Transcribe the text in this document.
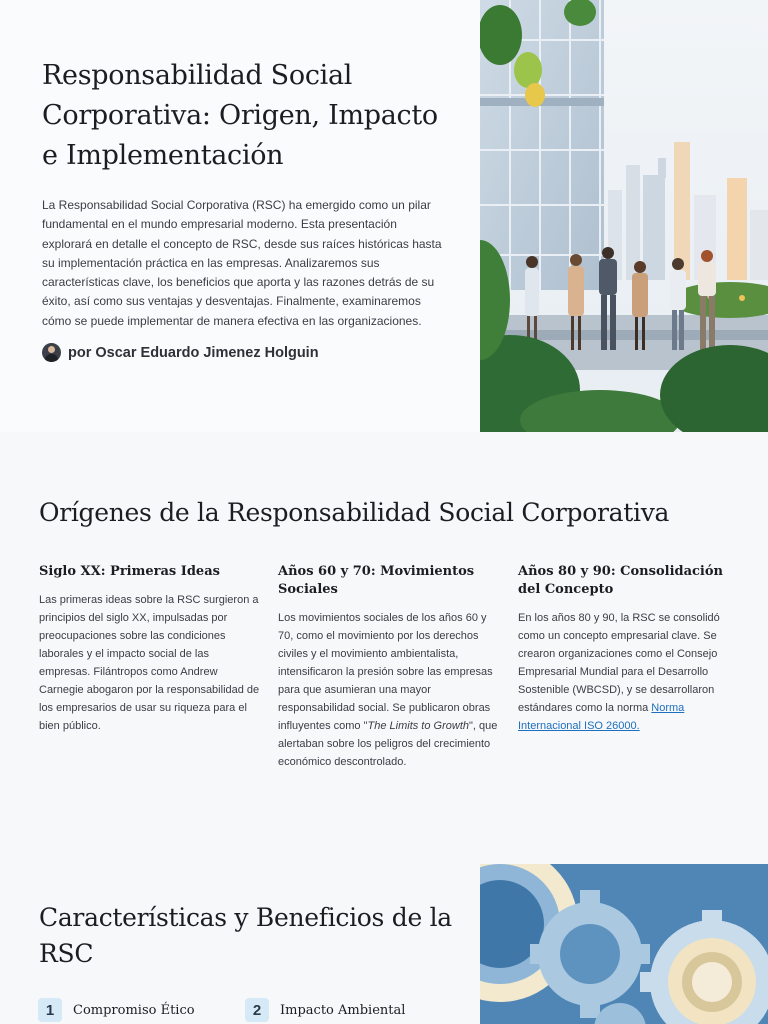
Responsabilidad Social Corporativa: Origen, Impacto e Implementación

La Responsabilidad Social Corporativa (RSC) ha emergido como un pilar fundamental en el mundo empresarial moderno. Esta presentación explorará en detalle el concepto de RSC, desde sus raíces históricas hasta su implementación práctica en las empresas. Analizaremos sus características clave, los beneficios que aporta y las razones detrás de su éxito, así como sus ventajas y desventajas. Finalmente, examinaremos cómo se puede implementar de manera efectiva en las organizaciones.

por Oscar Eduardo Jimenez Holguin
Orígenes de la Responsabilidad Social Corporativa
Siglo XX: Primeras Ideas

Las primeras ideas sobre la RSC surgieron a principios del siglo XX, impulsadas por preocupaciones sobre las condiciones laborales y el impacto social de las empresas. Filántropos como Andrew Carnegie abogaron por la responsabilidad de los empresarios de usar su riqueza para el bien público.

Años 60 y 70: Movimientos Sociales

Los movimientos sociales de los años 60 y 70, como el movimiento por los derechos civiles y el movimiento ambientalista, intensificaron la presión sobre las empresas para que asumieran una mayor responsabilidad social. Se publicaron obras influyentes como "The Limits to Growth", que alertaban sobre los peligros del crecimiento económico descontrolado.

Años 80 y 90: Consolidación del Concepto

En los años 80 y 90, la RSC se consolidó como un concepto empresarial clave. Se crearon organizaciones como el Consejo Empresarial Mundial para el Desarrollo Sostenible (WBCSD), y se desarrollaron estándares como la norma Norma Internacional ISO 26000.

Características y Beneficios de la RSC
1	Compromiso Ético	2	Impacto Ambiental
